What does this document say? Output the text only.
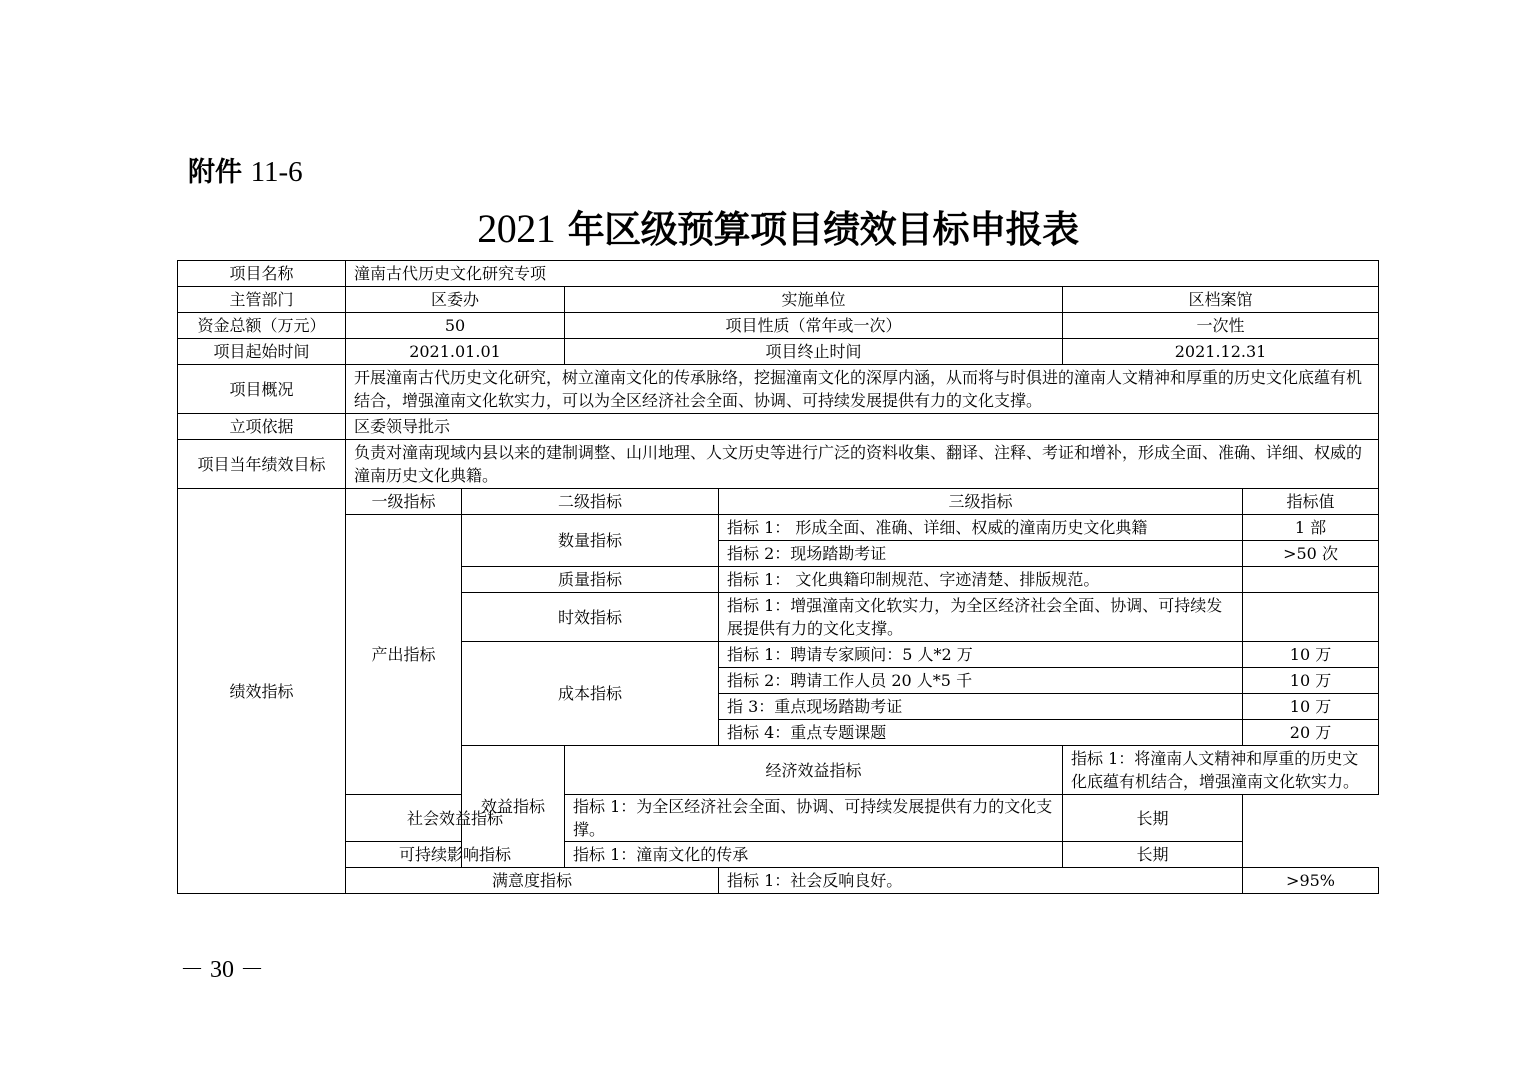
附件 11-6
2021 年区级预算项目绩效目标申报表
项目名称	潼南古代历史文化研究专项						
主管部门	区委办		实施单位		区档案馆		
资金总额（万元）	50		项目性质（常年或一次）		一次性		
项目起始时间	2021.01.01		项目终止时间		2021.12.31		
项目概况	开展潼南古代历史文化研究，树立潼南文化的传承脉络，挖掘潼南文化的深厚内涵，从而将与时俱进的潼南人文精神和厚重的历史文化底蕴有机结合，增强潼南文化软实力，可以为全区经济社会全面、协调、可持续发展提供有力的文化支撑。						
立项依据	区委领导批示						
项目当年绩效目标	负责对潼南现域内县以来的建制调整、山川地理、人文历史等进行广泛的资料收集、翻译、注释、考证和增补，形成全面、准确、详细、权威的潼南历史文化典籍。						
绩效指标	一级指标	二级指标		三级指标		指标值	
	产出指标	数量指标		指标 1： 形成全面、准确、详细、权威的潼南历史文化典籍		1 部	
				指标 2：现场踏勘考证		>50 次	
		质量指标		指标 1： 文化典籍印制规范、字迹清楚、排版规范。			
		时效指标		指标 1：增强潼南文化软实力，为全区经济社会全面、协调、可持续发展提供有力的文化支撑。			
		成本指标		指标 1：聘请专家顾问：5 人*2 万		10 万	
				指标 2：聘请工作人员 20 人*5 千		10 万	
				指 3：重点现场踏勘考证		10 万	
				指标 4：重点专题课题		20 万	
		效益指标	经济效益指标		指标 1：将潼南人文精神和厚重的历史文化底蕴有机结合，增强潼南文化软实力。	
	社会效益指标		指标 1：为全区经济社会全面、协调、可持续发展提供有力的文化支撑。		长期		
	可持续影响指标		指标 1：潼南文化的传承		长期		
	满意度指标			指标 1：社会反响良好。		>95%	
－ 30 －
